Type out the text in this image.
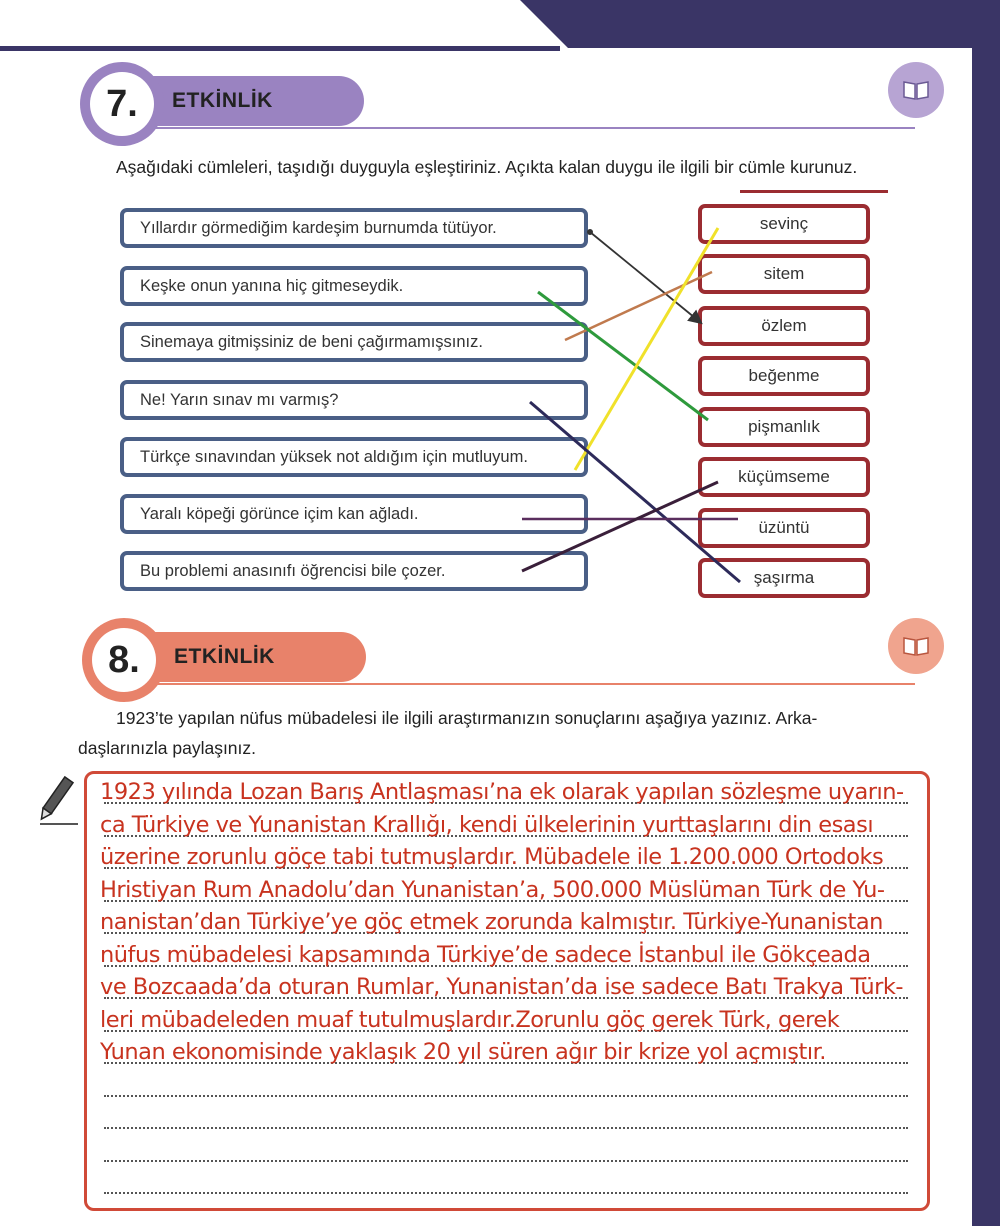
ETKİNLİK
7.
Aşağıdaki cümleleri, taşıdığı duyguyla eşleştiriniz. Açıkta kalan duygu ile ilgili bir cümle kurunuz.
Yıllardır görmediğim kardeşim burnumda tütüyor.
Keşke onun yanına hiç gitmeseydik.
Sinemaya gitmişsiniz de beni çağırmamışsınız.
Ne! Yarın sınav mı varmış?
Türkçe sınavından yüksek not aldığım için mutluyum.
Yaralı köpeği görünce içim kan ağladı.
Bu problemi anasınıfı öğrencisi bile çozer.
sevinç
sitem
özlem
beğenme
pişmanlık
küçümseme
üzüntü
şaşırma
ETKİNLİK
8.
1923’te yapılan nüfus mübadelesi ile ilgili araştırmanızın sonuçlarını aşağıya yazınız. Arka-
daşlarınızla paylaşınız.
1923 yılında Lozan Barış Antlaşması’na ek olarak yapılan sözleşme uyarın-
ca Türkiye ve Yunanistan Krallığı, kendi ülkelerinin yurttaşlarını din esası
üzerine zorunlu göçe tabi tutmuşlardır. Mübadele ile 1.200.000 Ortodoks
Hristiyan Rum Anadolu’dan Yunanistan’a, 500.000 Müslüman Türk de Yu-
nanistan’dan Türkiye’ye göç etmek zorunda kalmıştır. Türkiye-Yunanistan
nüfus mübadelesi kapsamında Türkiye’de sadece İstanbul ile Gökçeada
ve Bozcaada’da oturan Rumlar, Yunanistan’da ise sadece Batı Trakya Türk-
leri mübadeleden muaf tutulmuşlardır.Zorunlu göç gerek Türk, gerek
Yunan ekonomisinde yaklaşık 20 yıl süren ağır bir krize yol açmıştır.
